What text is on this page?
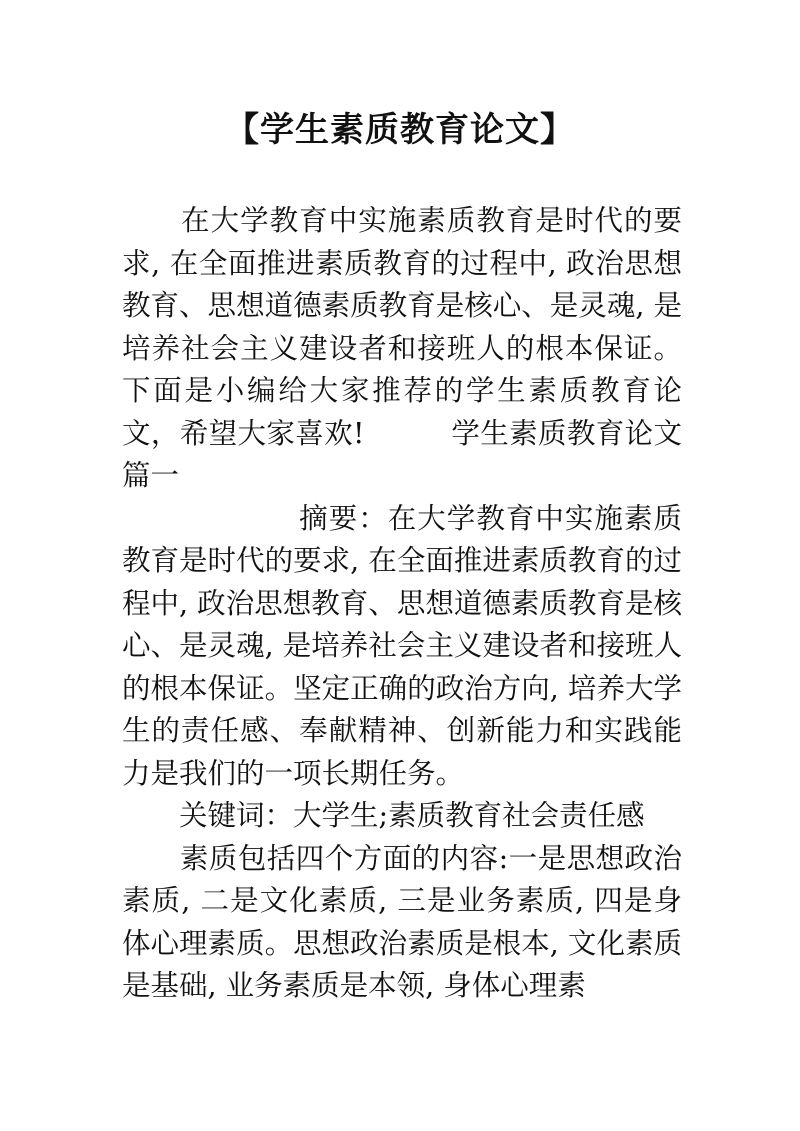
【学生素质教育论文】

　　在大学教育中实施素质教育是时代的要求, 在全面推进素质教育的过程中, 政治思想教育、思想道德素质教育是核心、是灵魂, 是培养社会主义建设者和接班人的根本保证。下面是小编给大家推荐的学生素质教育论文，希望大家喜欢!　　　学生素质教育论文篇一

　　　　　　摘要：在大学教育中实施素质教育是时代的要求, 在全面推进素质教育的过程中, 政治思想教育、思想道德素质教育是核心、是灵魂, 是培养社会主义建设者和接班人的根本保证。坚定正确的政治方向, 培养大学生的责任感、奉献精神、创新能力和实践能力是我们的一项长期任务。

　　关键词：大学生;素质教育社会责任感

　　素质包括四个方面的内容:一是思想政治素质, 二是文化素质, 三是业务素质, 四是身体心理素质。思想政治素质是根本, 文化素质是基础, 业务素质是本领, 身体心理素
